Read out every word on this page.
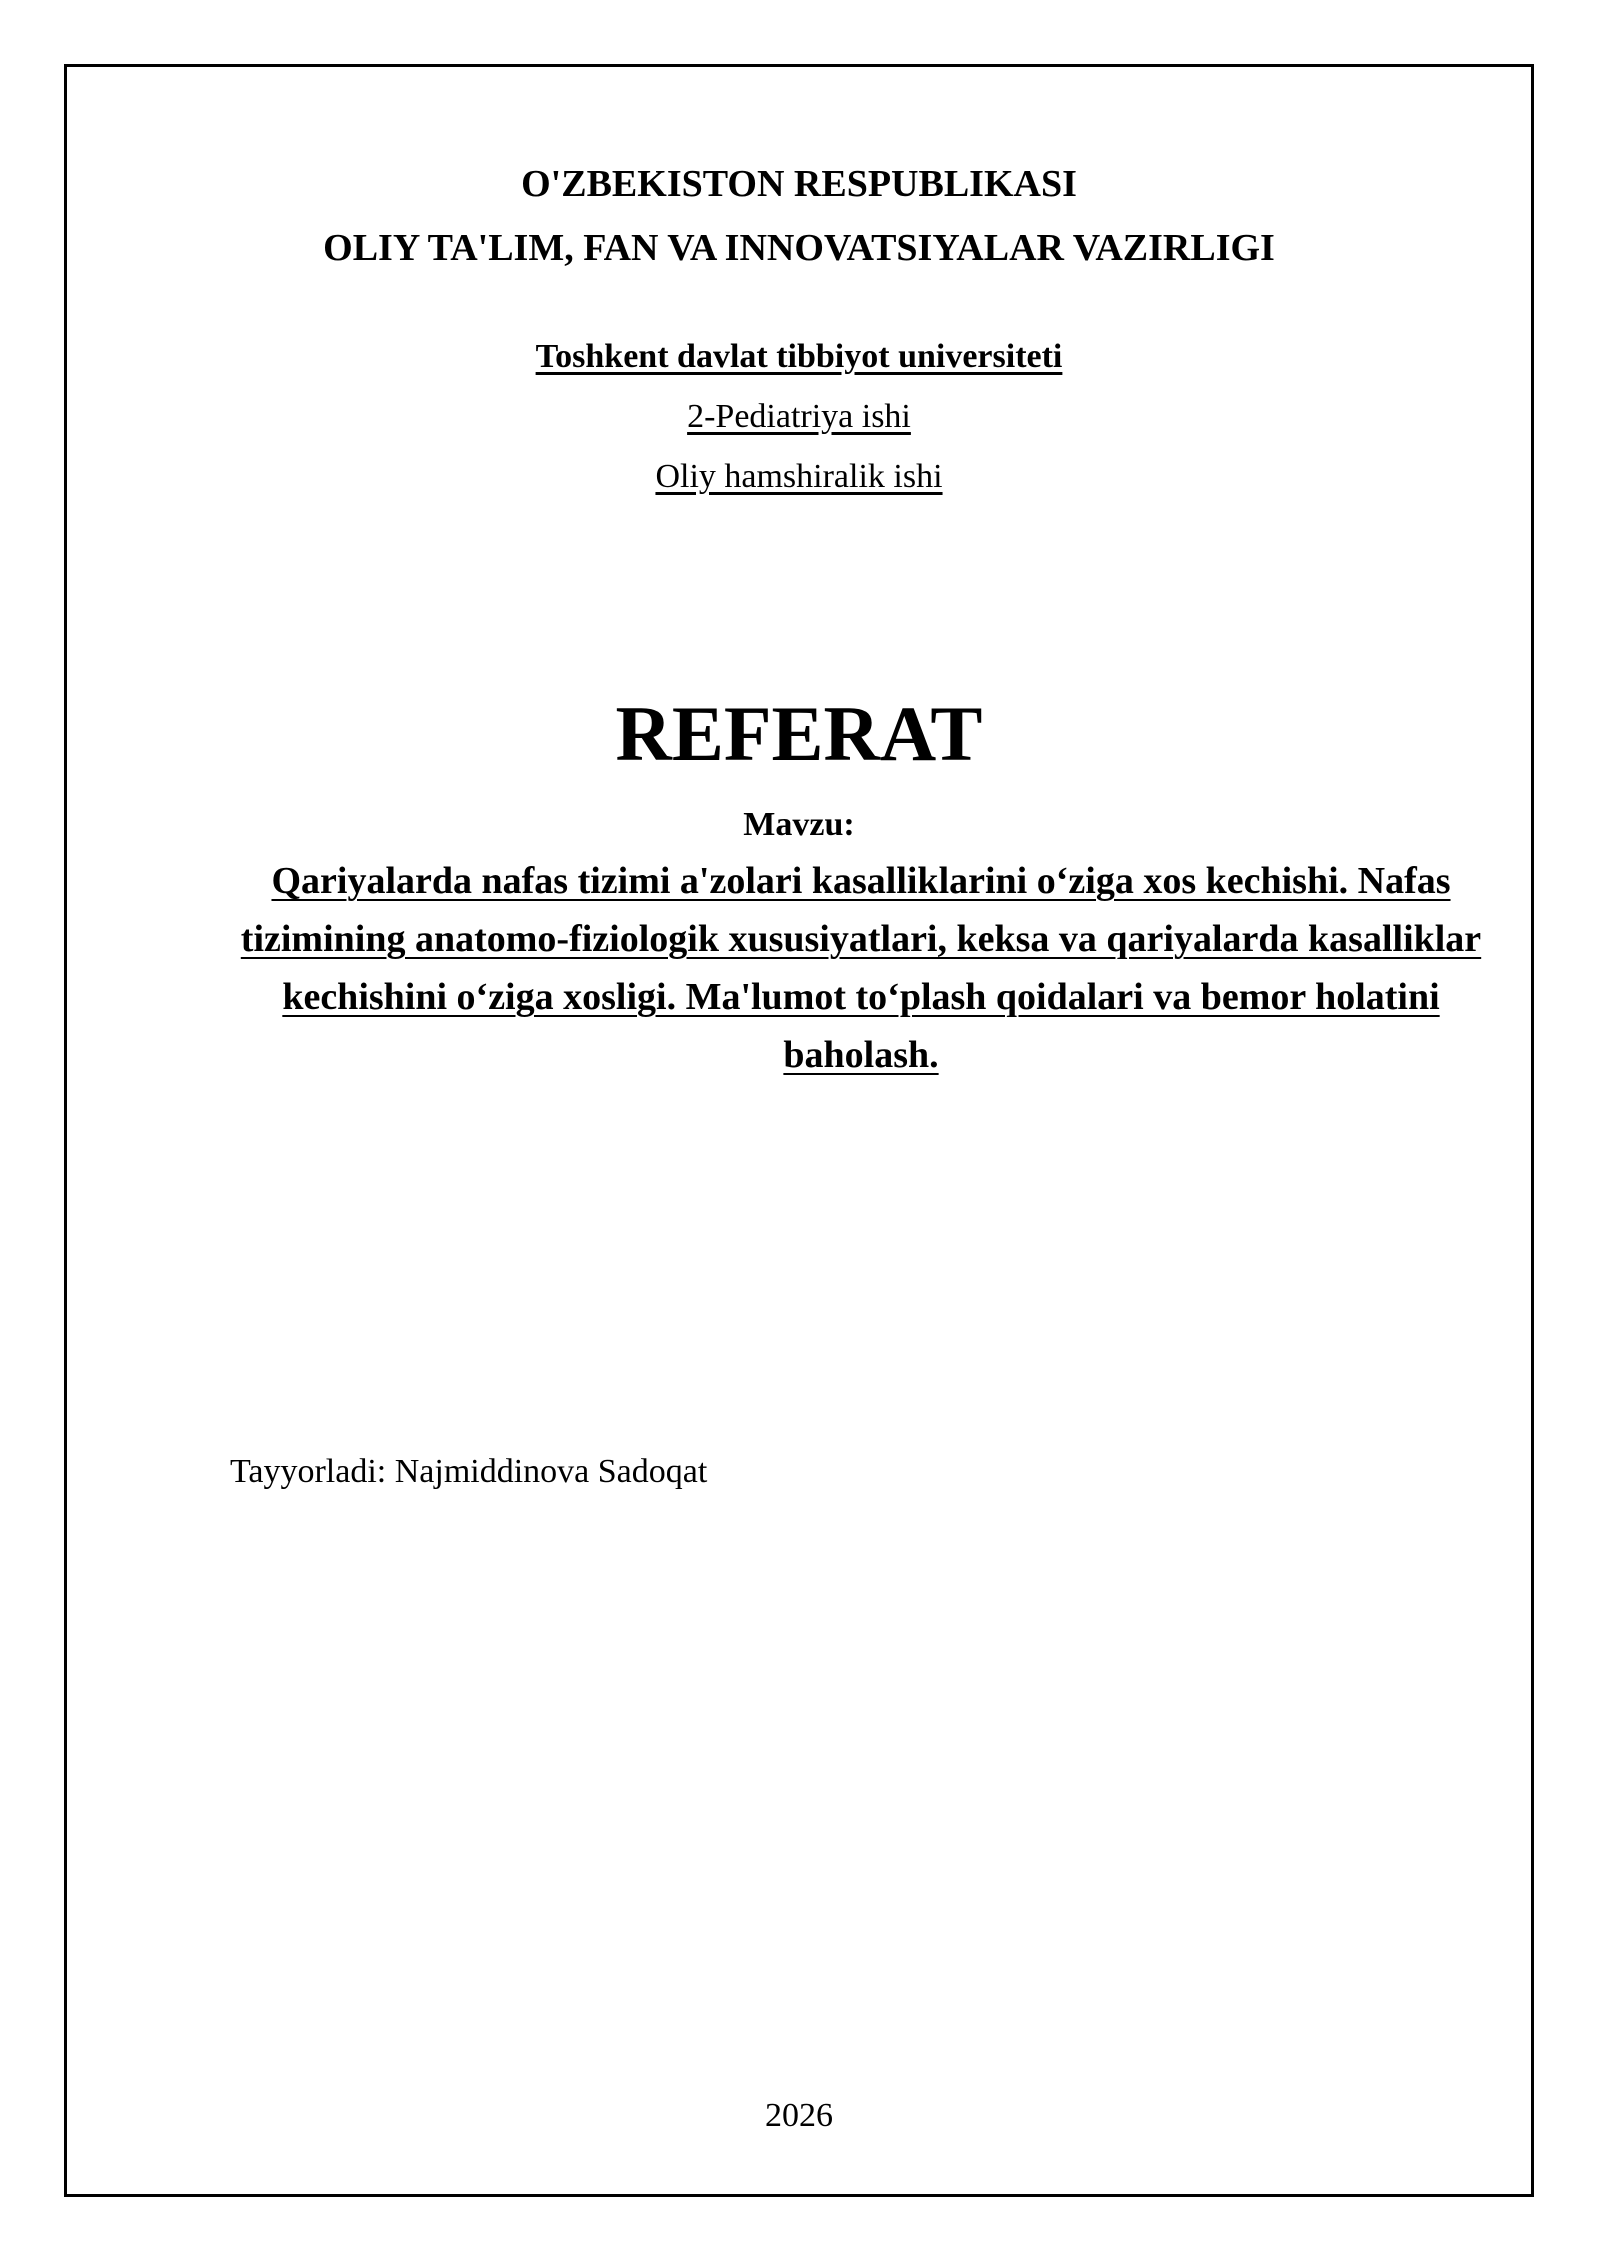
O'ZBEKISTON RESPUBLIKASI
OLIY TA'LIM, FAN VA INNOVATSIYALAR VAZIRLIGI
Toshkent davlat tibbiyot universiteti
2-Pediatriya ishi
Oliy hamshiralik ishi
REFERAT
Mavzu:
Qariyalarda nafas tizimi a'zolari kasalliklarini o‘ziga xos kechishi. Nafas tizimining anatomo-fiziologik xususiyatlari, keksa va qariyalarda kasalliklar kechishini o‘ziga xosligi. Ma'lumot to‘plash qoidalari va bemor holatini baholash.
Tayyorladi: Najmiddinova Sadoqat
2026
